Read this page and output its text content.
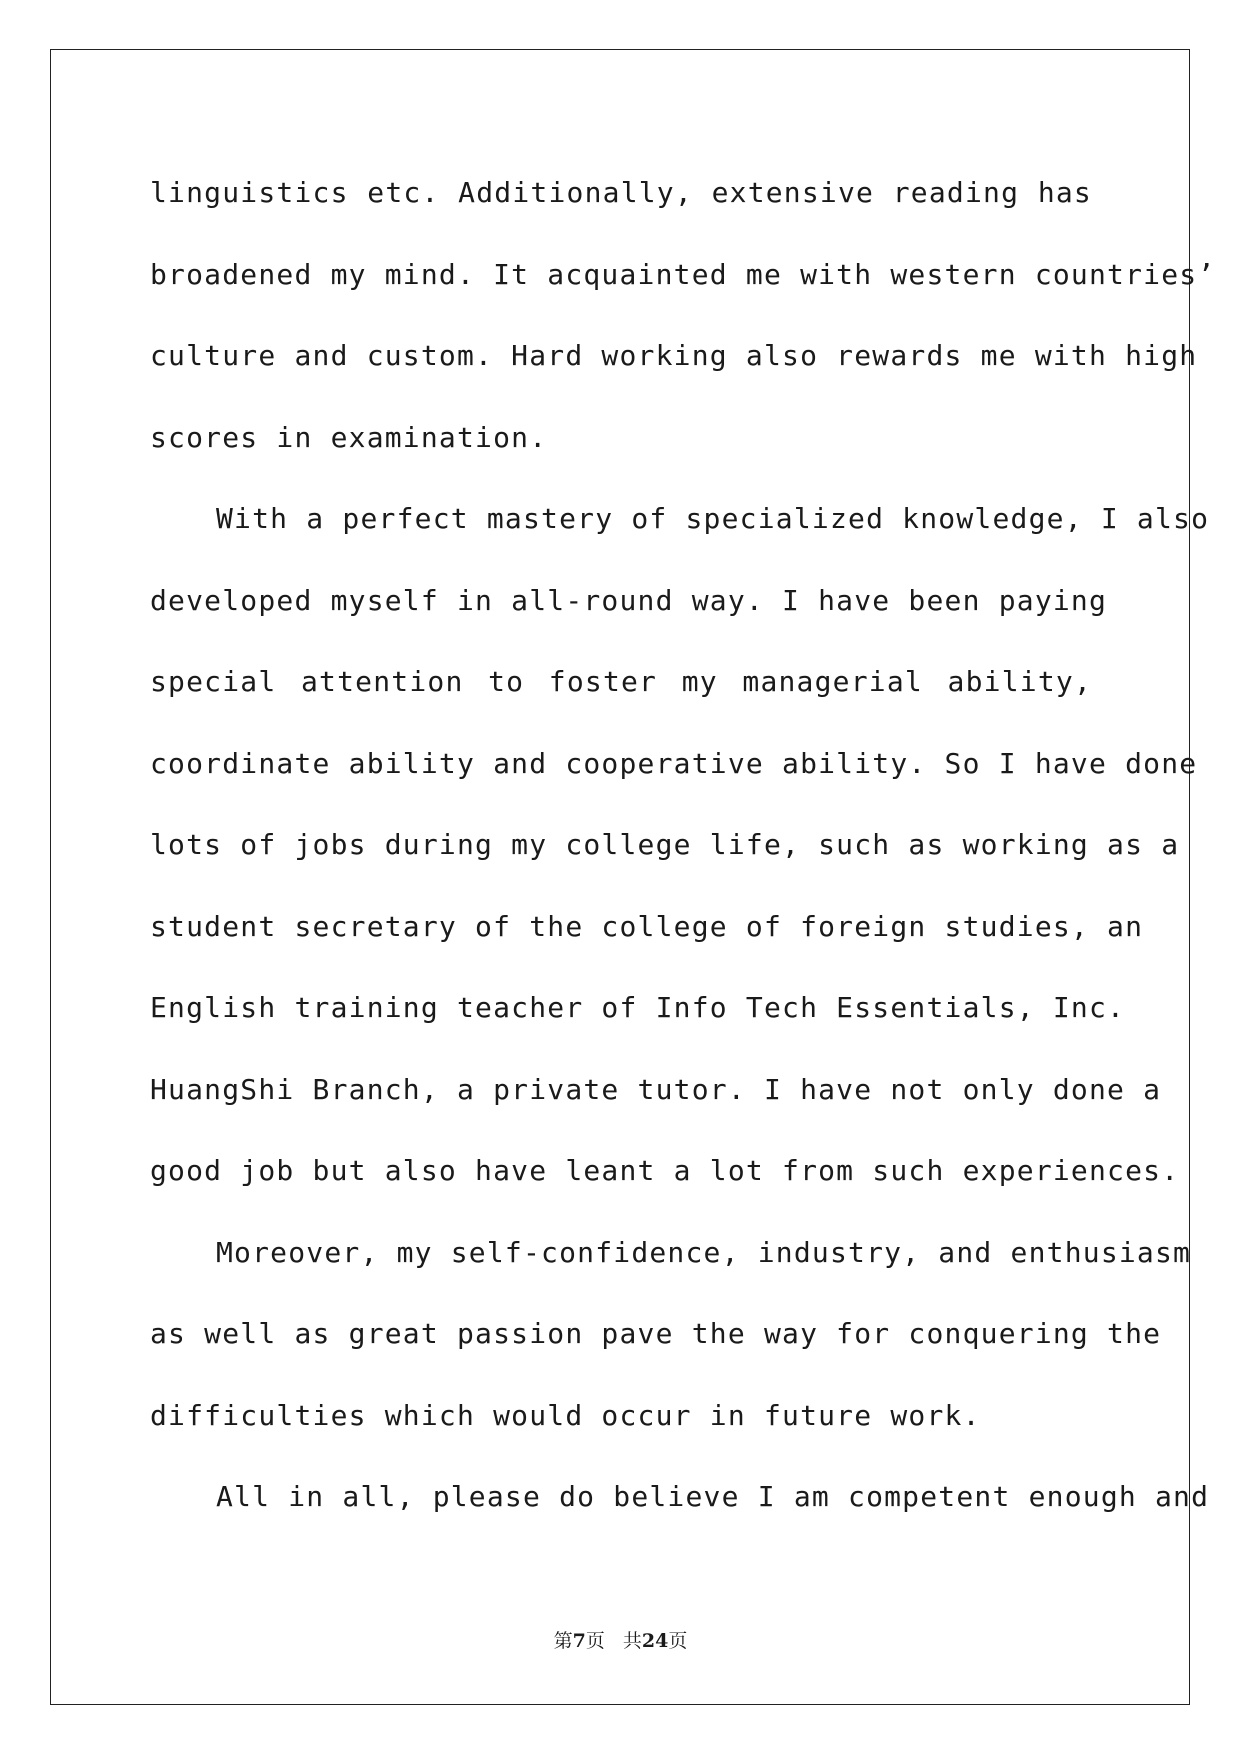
linguistics etc. Additionally, extensive reading has
broadened my mind. It acquainted me with western countries’
culture and custom. Hard working also rewards me with high
scores in examination.
With a perfect mastery of specialized knowledge, I also
developed myself in all-round way. I have been paying
special attention to foster my managerial ability,
coordinate ability and cooperative ability. So I have done
lots of jobs during my college life, such as working as a
student secretary of the college of foreign studies, an
English training teacher of Info Tech Essentials, Inc.
HuangShi Branch, a private tutor. I have not only done a
good job but also have leant a lot from such experiences.
Moreover, my self-confidence, industry, and enthusiasm
as well as great passion pave the way for conquering the
difficulties which would occur in future work.
All in all, please do believe I am competent enough and
第7页 共24页
